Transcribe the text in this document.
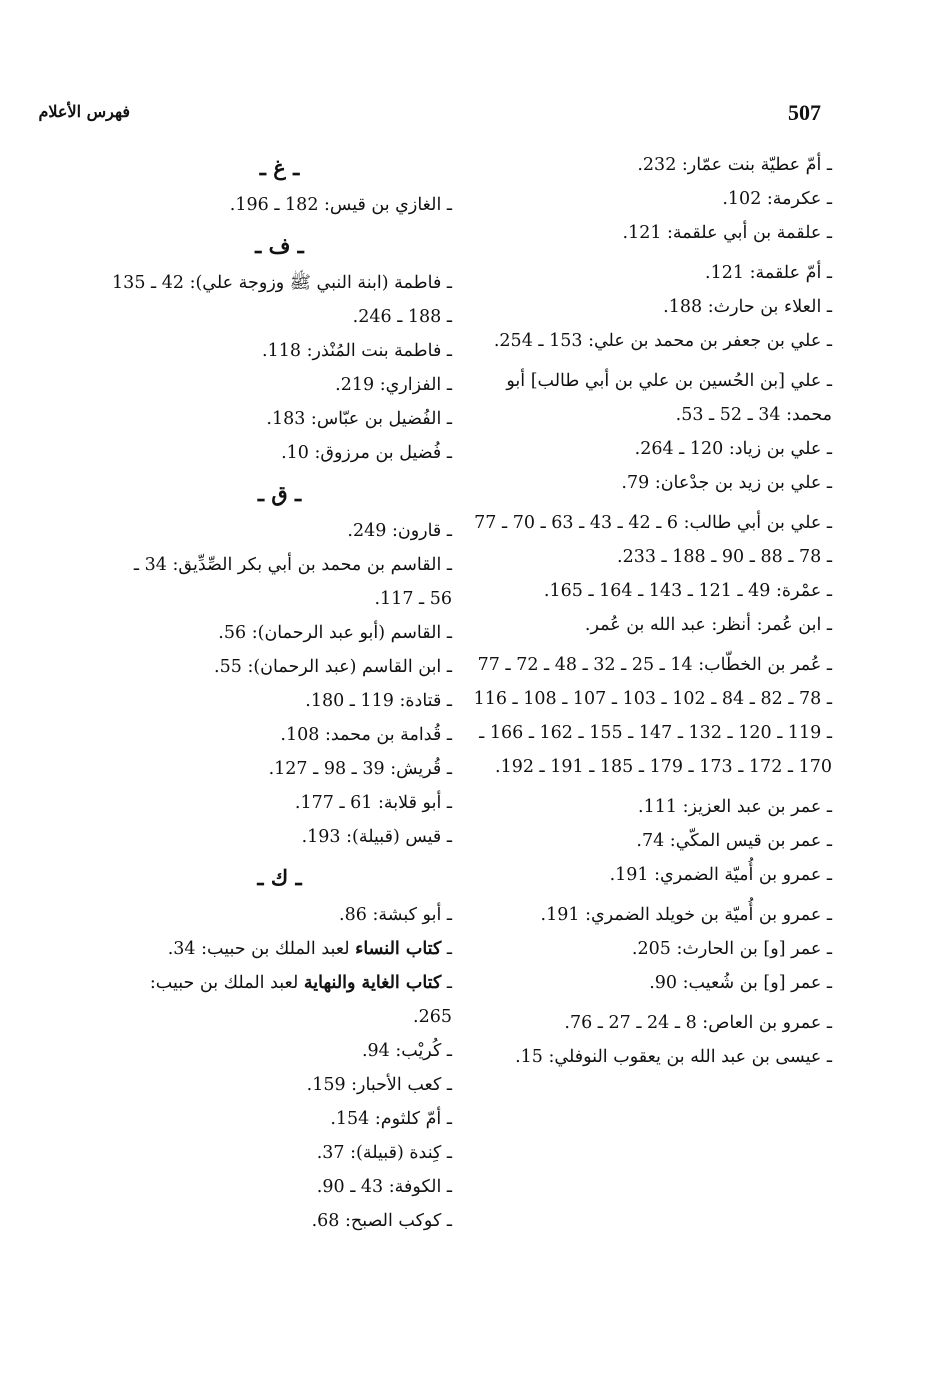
507
فهرس الأعلام

ـ أمّ عطيّة بنت عمّار: 232.

ـ عكرمة: 102.

ـ علقمة بن أبي علقمة: 121.

ـ أمّ علقمة: 121.

ـ العلاء بن حارث: 188.

ـ علي بن جعفر بن محمد بن علي: 153 ـ 254.

ـ علي [بن الحُسين بن علي بن أبي طالب] أبو محمد: 34 ـ 52 ـ 53.

ـ علي بن زياد: 120 ـ 264.

ـ علي بن زيد بن جدْعان: 79.

ـ علي بن أبي طالب: 6 ـ 42 ـ 43 ـ 63 ـ 70 ـ 77 ـ 78 ـ 88 ـ 90 ـ 188 ـ 233.

ـ عمْرة: 49 ـ 121 ـ 143 ـ 164 ـ 165.

ـ ابن عُمر: أنظر: عبد الله بن عُمر.

ـ عُمر بن الخطّاب: 14 ـ 25 ـ 32 ـ 48 ـ 72 ـ 77 ـ 78 ـ 82 ـ 84 ـ 102 ـ 103 ـ 107 ـ 108 ـ 116 ـ 119 ـ 120 ـ 132 ـ 147 ـ 155 ـ 162 ـ 166 ـ 170 ـ 172 ـ 173 ـ 179 ـ 185 ـ 191 ـ 192.

ـ عمر بن عبد العزيز: 111.

ـ عمر بن قيس المكّي: 74.

ـ عمرو بن أُميّة الضمري: 191.

ـ عمرو بن أُميّة بن خويلد الضمري: 191.

ـ عمر [و] بن الحارث: 205.

ـ عمر [و] بن شُعيب: 90.

ـ عمرو بن العاص: 8 ـ 24 ـ 27 ـ 76.

ـ عيسى بن عبد الله بن يعقوب النوفلي: 15.

ـ غ ـ

ـ الغازي بن قيس: 182 ـ 196.

ـ ف ـ

ـ فاطمة (ابنة النبي ﷺ وزوجة علي): 42 ـ 135 ـ 188 ـ 246.

ـ فاطمة بنت المُنْذر: 118.

ـ الفزاري: 219.

ـ الفُضيل بن عبّاس: 183.

ـ فُضيل بن مرزوق: 10.

ـ ق ـ

ـ قارون: 249.

ـ القاسم بن محمد بن أبي بكر الصِّدِّيق: 34 ـ 56 ـ 117.

ـ القاسم (أبو عبد الرحمان): 56.

ـ ابن القاسم (عبد الرحمان): 55.

ـ قتادة: 119 ـ 180.

ـ قُدامة بن محمد: 108.

ـ قُريش: 39 ـ 98 ـ 127.

ـ أبو قلابة: 61 ـ 177.

ـ قيس (قبيلة): 193.

ـ ك ـ

ـ أبو كبشة: 86.

ـ كتاب النساء لعبد الملك بن حبيب: 34.

ـ كتاب الغاية والنهاية لعبد الملك بن حبيب: 265.

ـ كُريْب: 94.

ـ كعب الأحبار: 159.

ـ أمّ كلثوم: 154.

ـ كِندة (قبيلة): 37.

ـ الكوفة: 43 ـ 90.

ـ كوكب الصبح: 68.
